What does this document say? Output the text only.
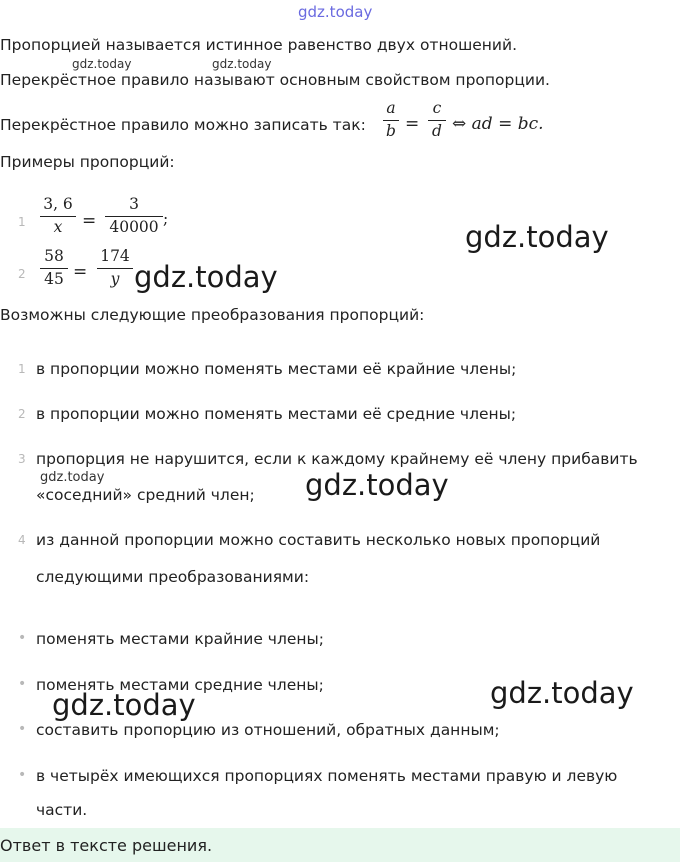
gdz.today
Пропорцией называется истинное равенство двух отношений.
gdz.today	gdz.today
Перекрёстное правило называют основным свойством пропорции.
Перекрёстное правило можно записать так:
a
b =
c
d ⇔ ad = bc.
Примеры пропорций:
1
3, 6
x	=
3
40000 ;
gdz.today
2
58
45 =
174
y gdz.today
Возможны следующие преобразования пропорций:
1 в пропорции можно поменять местами её крайние члены;
2 в пропорции можно поменять местами её средние члены;
3 пропорция не нарушится, если к каждому крайнему её члену прибавить
gdz.today
«соседний» средний член; gdz.today
4 из данной пропорции можно составить несколько новых пропорций
следующими преобразованиями:
• поменять местами крайние члены;
• поменять местами средние члены;	gdz.today
gdz.today
• составить пропорцию из отношений, обратных данным;
• в четырёх имеющихся пропорциях поменять местами правую и левую
части.
Ответ в тексте решения.
